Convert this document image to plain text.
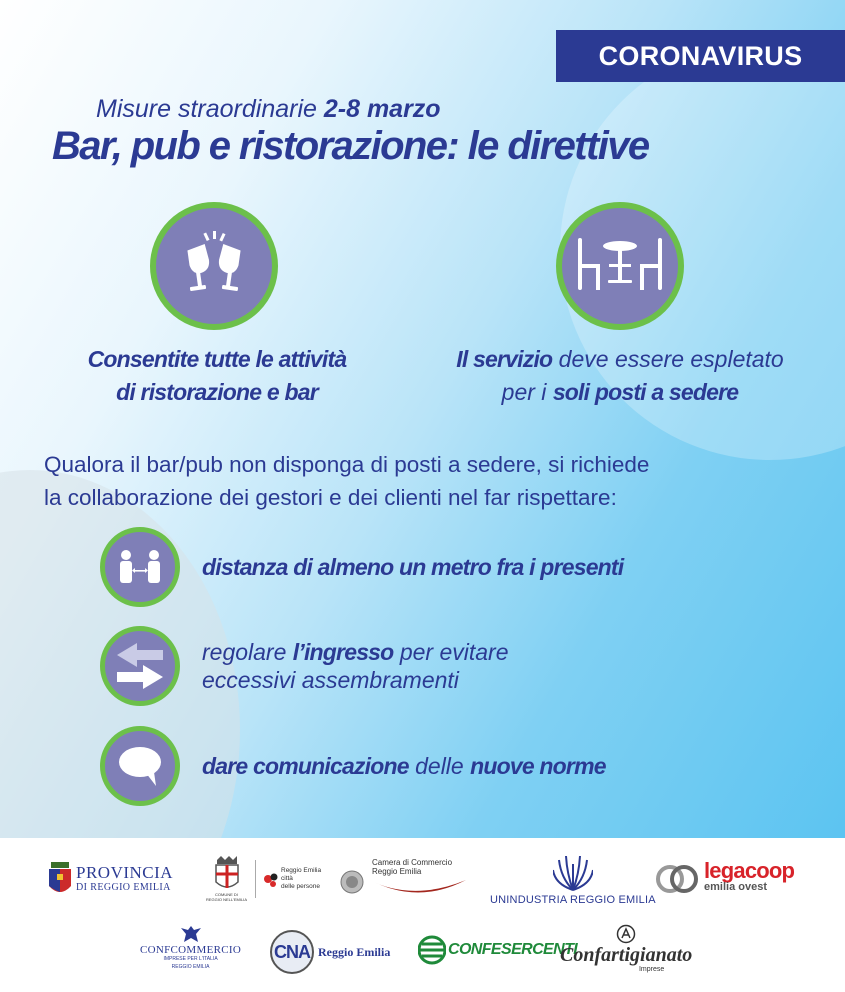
CORONAVIRUS
Misure straordinarie 2-8 marzo
Bar, pub e ristorazione: le direttive
Consentite tutte le attività
di ristorazione e bar
Il servizio deve essere espletato
per i soli posti a sedere
Qualora il bar/pub non disponga di posti a sedere, si richiede
la collaborazione dei gestori e dei clienti nel far rispettare:
distanza di almeno un metro fra i presenti
regolare l’ingresso per evitare
eccessivi assembramenti
dare comunicazione delle nuove norme
PROVINCIA
DI REGGIO EMILIA
COMUNE DI
REGGIO NELL'EMILIA
Reggio Emilia
città
delle persone
Camera di Commercio
Reggio Emilia
UNINDUSTRIA REGGIO EMILIA
legacoop
emilia ovest
CONFCOMMERCIO
IMPRESE PER L'ITALIA
REGGIO EMILIA
CNA Reggio Emilia	CONFESERCENTI
Confartigianato
Imprese
